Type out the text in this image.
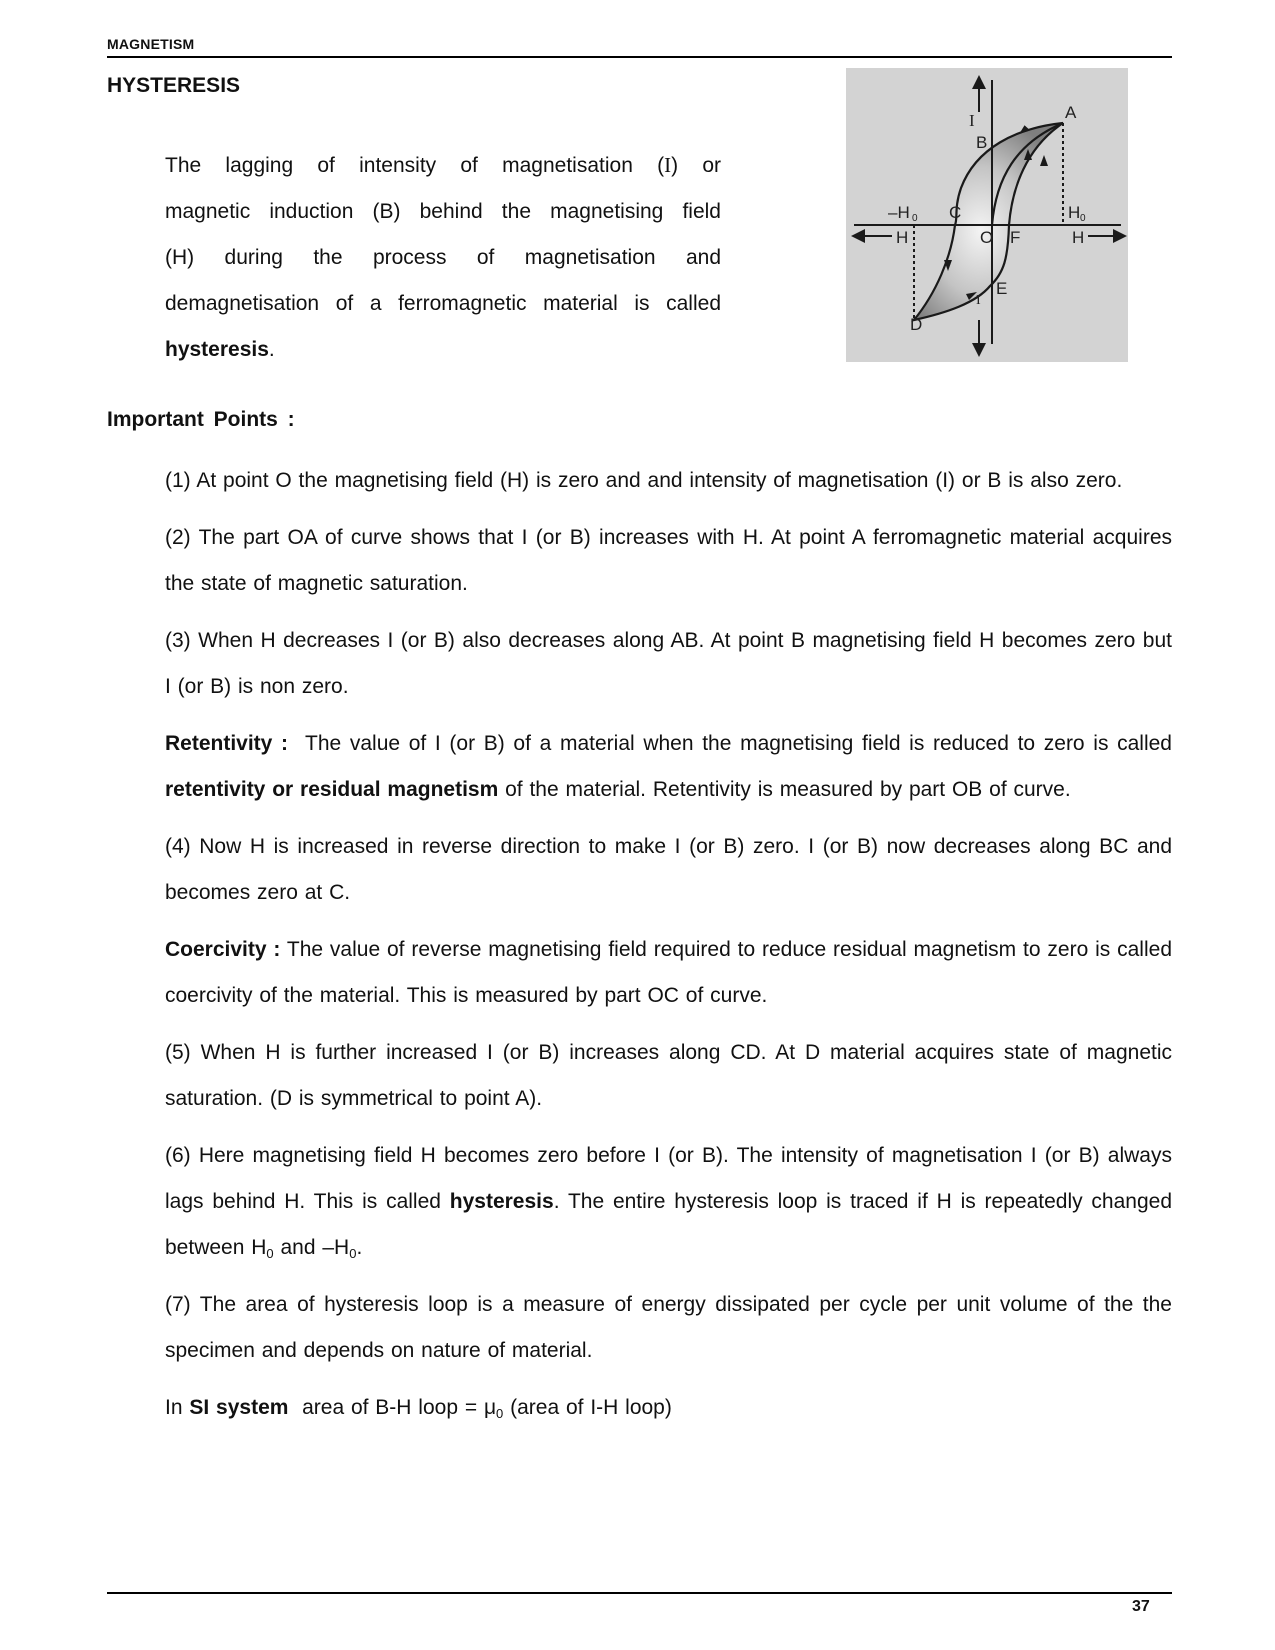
MAGNETISM
HYSTERESIS
The lagging of intensity of magnetisation (I) or magnetic induction (B) behind the magnetising field (H) during the process of magnetisation and demagnetisation of a ferromagnetic material is called hysteresis.
A
B
C
D
E
F
O
I
I
H 0
–H 0
H	H
Important Points :

(1) At point O the magnetising field (H) is zero and and intensity of magnetisation (I) or B is also zero.

(2) The part OA of curve shows that I (or B) increases with H. At point A ferromagnetic material acquires the state of magnetic saturation.

(3) When H decreases I (or B) also decreases along AB. At point B magnetising field H becomes zero but I (or B) is non zero.

Retentivity :  The value of I (or B) of a material when the magnetising field is reduced to zero is called retentivity or residual magnetism of the material. Retentivity is measured by part OB of curve.

(4) Now H is increased in reverse direction to make I (or B) zero. I (or B) now decreases along BC and becomes zero at C.

Coercivity : The value of reverse magnetising field required to reduce residual magnetism to zero is called coercivity of the material. This is measured by part OC of curve.

(5) When H is further increased I (or B) increases along CD. At D material acquires state of magnetic saturation. (D is symmetrical to point A).

(6) Here magnetising field H becomes zero before I (or B). The intensity of magnetisation I (or B) always lags behind H. This is called hysteresis. The entire hysteresis loop is traced if H is repeatedly changed between $H_0$ and $-H_0$.

(7) The area of hysteresis loop is a measure of energy dissipated per cycle per unit volume of the the specimen and depends on nature of material.

In SI system  area of B-H loop = $\mu_0$ (area of I-H loop)

37
